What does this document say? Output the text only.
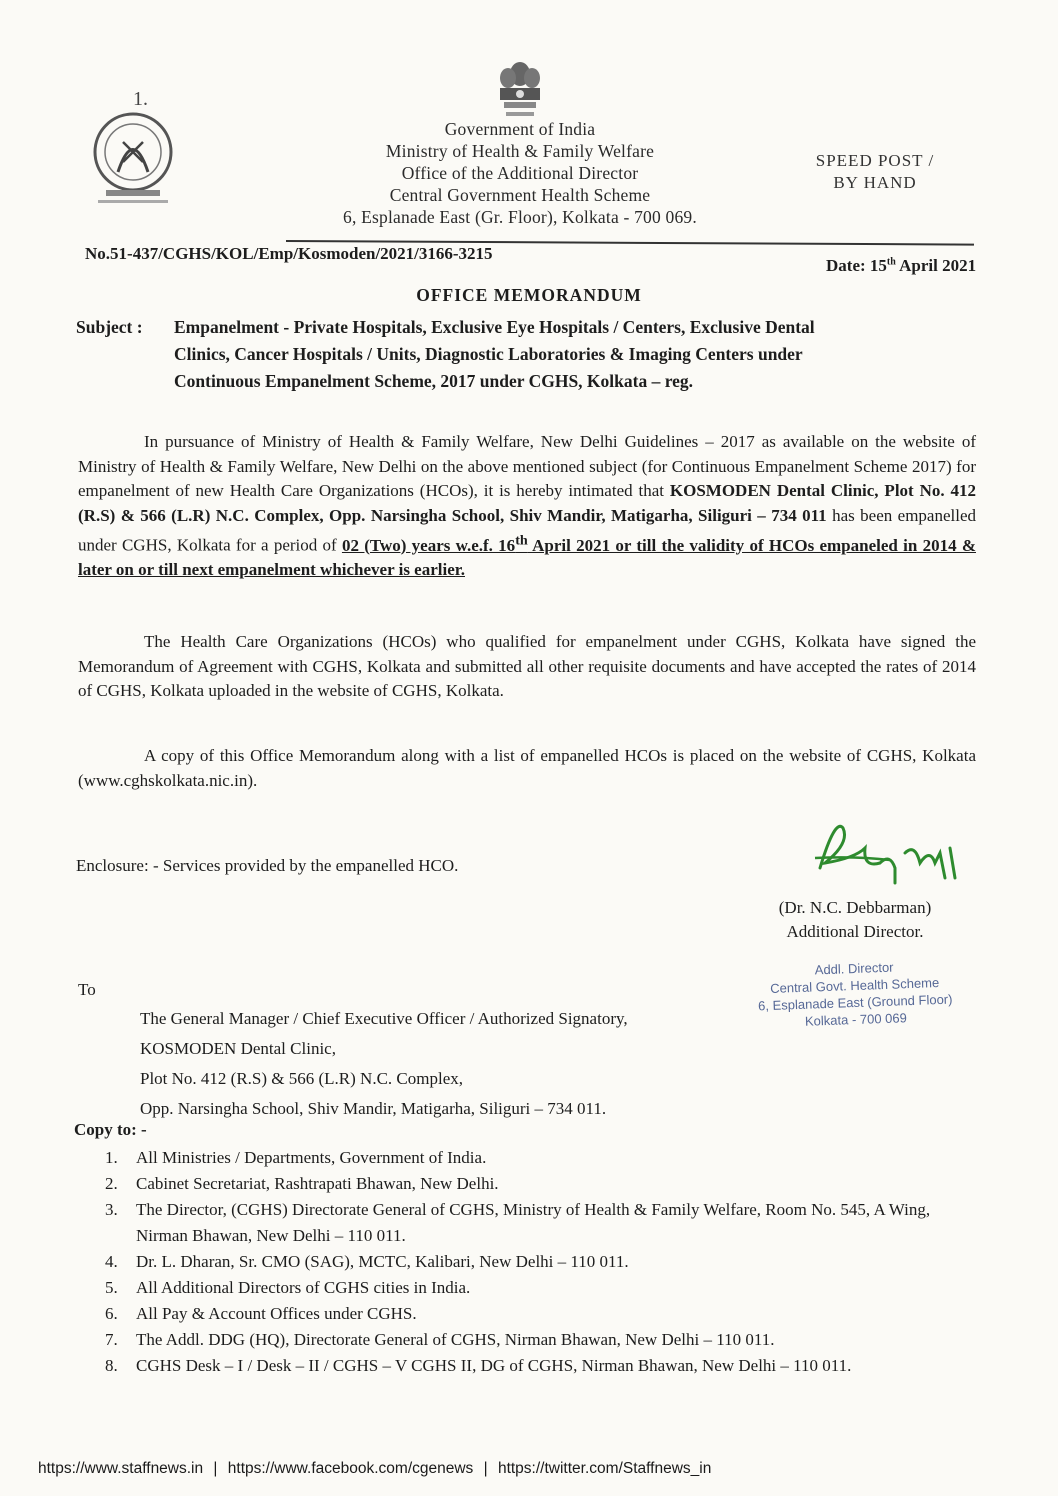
1.
Government of India
Ministry of Health & Family Welfare
Office of the Additional Director
Central Government Health Scheme
6, Esplanade East (Gr. Floor), Kolkata - 700 069.
SPEED POST /
BY HAND
No.51-437/CGHS/KOL/Emp/Kosmoden/2021/3166-3215
Date: 15th April 2021
OFFICE MEMORANDUM
Subject : Empanelment - Private Hospitals, Exclusive Eye Hospitals / Centers, Exclusive Dental
Clinics, Cancer Hospitals / Units, Diagnostic Laboratories & Imaging Centers under
Continuous Empanelment Scheme, 2017 under CGHS, Kolkata – reg.
In pursuance of Ministry of Health & Family Welfare, New Delhi Guidelines – 2017 as available on the website of Ministry of Health & Family Welfare, New Delhi on the above mentioned subject (for Continuous Empanelment Scheme 2017) for empanelment of new Health Care Organizations (HCOs), it is hereby intimated that KOSMODEN Dental Clinic, Plot No. 412 (R.S) & 566 (L.R) N.C. Complex, Opp. Narsingha School, Shiv Mandir, Matigarha, Siliguri – 734 011 has been empanelled under CGHS, Kolkata for a period of 02 (Two) years w.e.f. 16th April 2021 or till the validity of HCOs empaneled in 2014 & later on or till next empanelment whichever is earlier.
The Health Care Organizations (HCOs) who qualified for empanelment under CGHS, Kolkata have signed the Memorandum of Agreement with CGHS, Kolkata and submitted all other requisite documents and have accepted the rates of 2014 of CGHS, Kolkata uploaded in the website of CGHS, Kolkata.
A copy of this Office Memorandum along with a list of empanelled HCOs is placed on the website of CGHS, Kolkata (www.cghskolkata.nic.in).
Enclosure: - Services provided by the empanelled HCO.
(Dr. N.C. Debbarman)
Additional Director.
Addl. Director
Central Govt. Health Scheme
6, Esplanade East (Ground Floor)
Kolkata - 700 069
To
The General Manager / Chief Executive Officer / Authorized Signatory,
KOSMODEN Dental Clinic,
Plot No. 412 (R.S) & 566 (L.R) N.C. Complex,
Opp. Narsingha School, Shiv Mandir, Matigarha, Siliguri – 734 011.
Copy to: -
1.	All Ministries / Departments, Government of India.
2.	Cabinet Secretariat, Rashtrapati Bhawan, New Delhi.
3.	The Director, (CGHS) Directorate General of CGHS, Ministry of Health & Family Welfare, Room No. 545, A Wing, Nirman Bhawan, New Delhi – 110 011.
4.	Dr. L. Dharan, Sr. CMO (SAG), MCTC, Kalibari, New Delhi – 110 011.
5.	All Additional Directors of CGHS cities in India.
6.	All Pay & Account Offices under CGHS.
7.	The Addl. DDG (HQ), Directorate General of CGHS, Nirman Bhawan, New Delhi – 110 011.
8.	CGHS Desk – I / Desk – II / CGHS – V CGHS II, DG of CGHS, Nirman Bhawan, New Delhi – 110 011.
https://www.staffnews.in | https://www.facebook.com/cgenews | https://twitter.com/Staffnews_in
